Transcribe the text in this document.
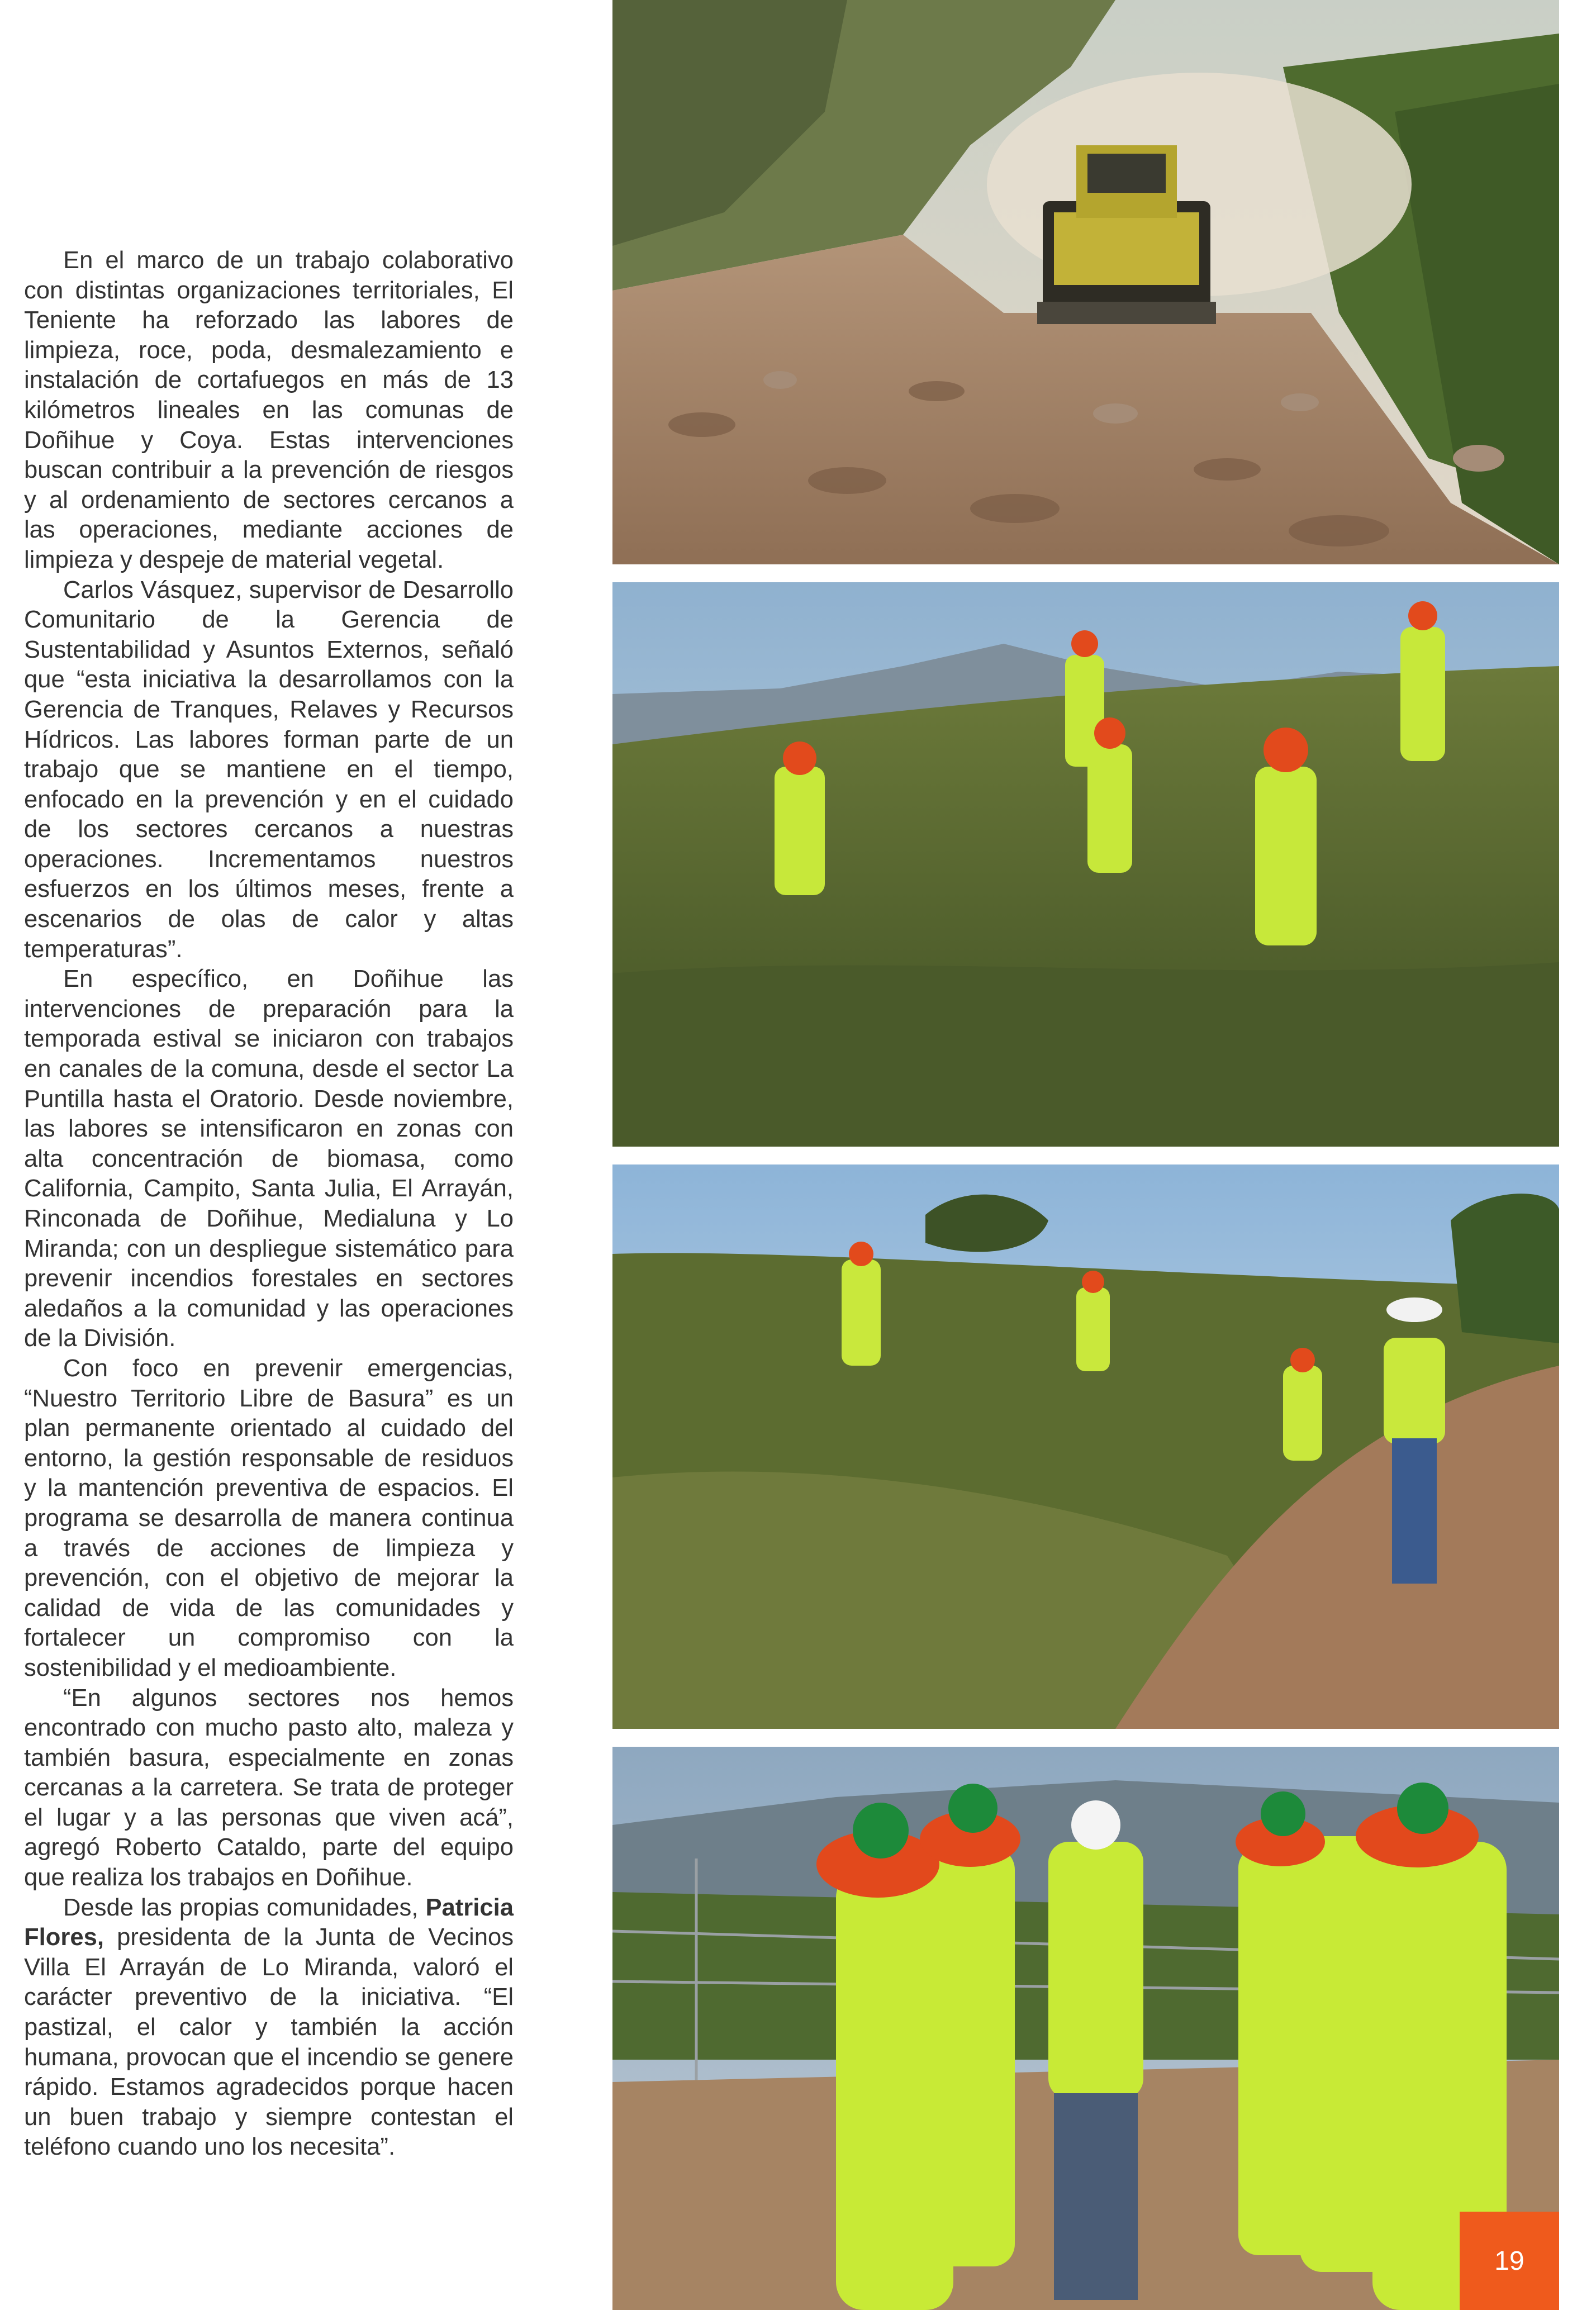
En el marco de un trabajo colaborativo con distintas organizaciones territoriales, El Teniente ha reforzado las labores de limpieza, roce, poda, desmalezamiento e instalación de cortafuegos en más de 13 kilómetros lineales en las comunas de Doñihue y Coya. Estas intervenciones buscan contribuir a la prevención de riesgos y al ordenamiento de sectores cercanos a las operaciones, mediante acciones de limpieza y despeje de material vegetal.

Carlos Vásquez, supervisor de Desarrollo Comunitario de la Gerencia de Sustentabilidad y Asuntos Externos, señaló que “esta iniciativa la desarrollamos con la Gerencia de Tranques, Relaves y Recursos Hídricos. Las labores forman parte de un trabajo que se mantiene en el tiempo, enfocado en la prevención y en el cuidado de los sectores cercanos a nuestras operaciones. Incrementamos nuestros esfuerzos en los últimos meses, frente a escenarios de olas de calor y altas temperaturas”.

En específico, en Doñihue las intervenciones de preparación para la temporada estival se iniciaron con trabajos en canales de la comuna, desde el sector La Puntilla hasta el Oratorio. Desde noviembre, las labores se intensificaron en zonas con alta concentración de biomasa, como California, Campito, Santa Julia, El Arrayán, Rinconada de Doñihue, Medialuna y Lo Miranda; con un despliegue sistemático para prevenir incendios forestales en sectores aledaños a la comunidad y las operaciones de la División.

Con foco en prevenir emergencias, “Nuestro Territorio Libre de Basura” es un plan permanente orientado al cuidado del entorno, la gestión responsable de residuos y la mantención preventiva de espacios. El programa se desarrolla de manera continua a través de acciones de limpieza y prevención, con el objetivo de mejorar la calidad de vida de las comunidades y fortalecer un compromiso con la sostenibilidad y el medioambiente.

“En algunos sectores nos hemos encontrado con mucho pasto alto, maleza y también basura, especialmente en zonas cercanas a la carretera. Se trata de proteger el lugar y a las personas que viven acá”, agregó Roberto Cataldo, parte del equipo que realiza los trabajos en Doñihue.

Desde las propias comunidades, Patricia Flores, presidenta de la Junta de Vecinos Villa El Arrayán de Lo Miranda, valoró el carácter preventivo de la iniciativa. “El pastizal, el calor y también la acción humana, provocan que el incendio se genere rápido. Estamos agradecidos porque hacen un buen trabajo y siempre contestan el teléfono cuando uno los necesita”.

19
